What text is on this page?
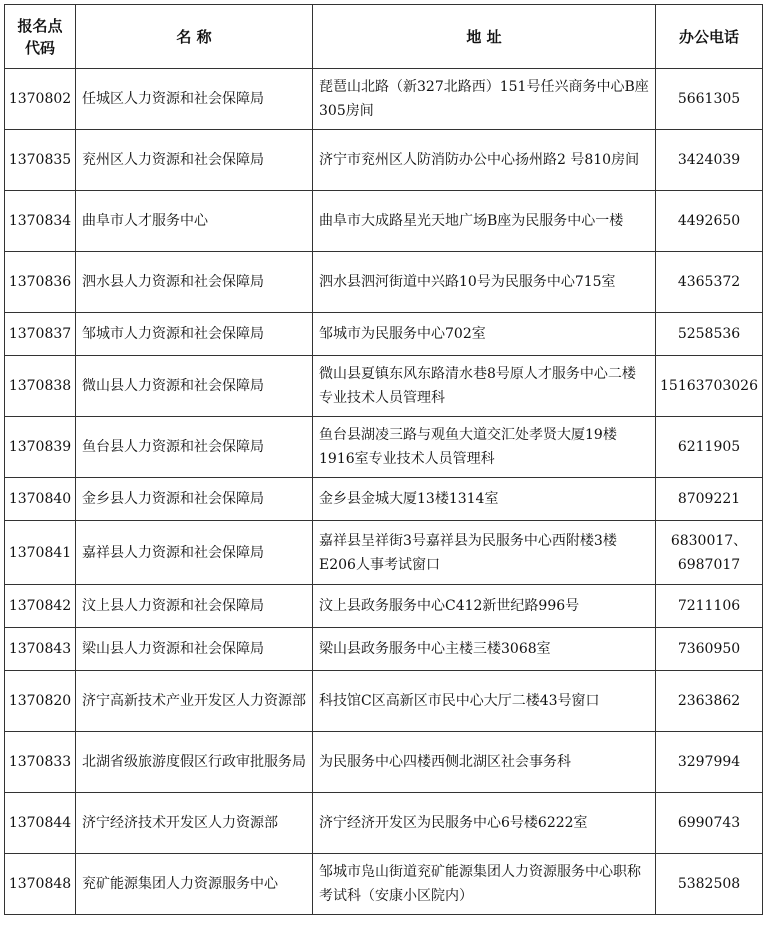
报名点代码	名 称	地 址	办公电话
1370802	任城区人力资源和社会保障局	琵琶山北路（新327北路西）151号任兴商务中心B座305房间	5661305
1370835	兖州区人力资源和社会保障局	济宁市兖州区人防消防办公中心扬州路2 号810房间	3424039
1370834	曲阜市人才服务中心	曲阜市大成路星光天地广场B座为民服务中心一楼	4492650
1370836	泗水县人力资源和社会保障局	泗水县泗河街道中兴路10号为民服务中心715室	4365372
1370837	邹城市人力资源和社会保障局	邹城市为民服务中心702室	5258536
1370838	微山县人力资源和社会保障局	微山县夏镇东风东路清水巷8号原人才服务中心二楼专业技术人员管理科	15163703026
1370839	鱼台县人力资源和社会保障局	鱼台县湖凌三路与观鱼大道交汇处孝贤大厦19楼1916室专业技术人员管理科	6211905
1370840	金乡县人力资源和社会保障局	金乡县金城大厦13楼1314室	8709221
1370841	嘉祥县人力资源和社会保障局	嘉祥县呈祥街3号嘉祥县为民服务中心西附楼3楼E206人事考试窗口	6830017、6987017
1370842	汶上县人力资源和社会保障局	汶上县政务服务中心C412新世纪路996号	7211106
1370843	梁山县人力资源和社会保障局	梁山县政务服务中心主楼三楼3068室	7360950
1370820	济宁高新技术产业开发区人力资源部	科技馆C区高新区市民中心大厅二楼43号窗口	2363862
1370833	北湖省级旅游度假区行政审批服务局	为民服务中心四楼西侧北湖区社会事务科	3297994
1370844	济宁经济技术开发区人力资源部	济宁经济开发区为民服务中心6号楼6222室	6990743
1370848	兖矿能源集团人力资源服务中心	邹城市凫山街道兖矿能源集团人力资源服务中心职称考试科（安康小区院内）	5382508
